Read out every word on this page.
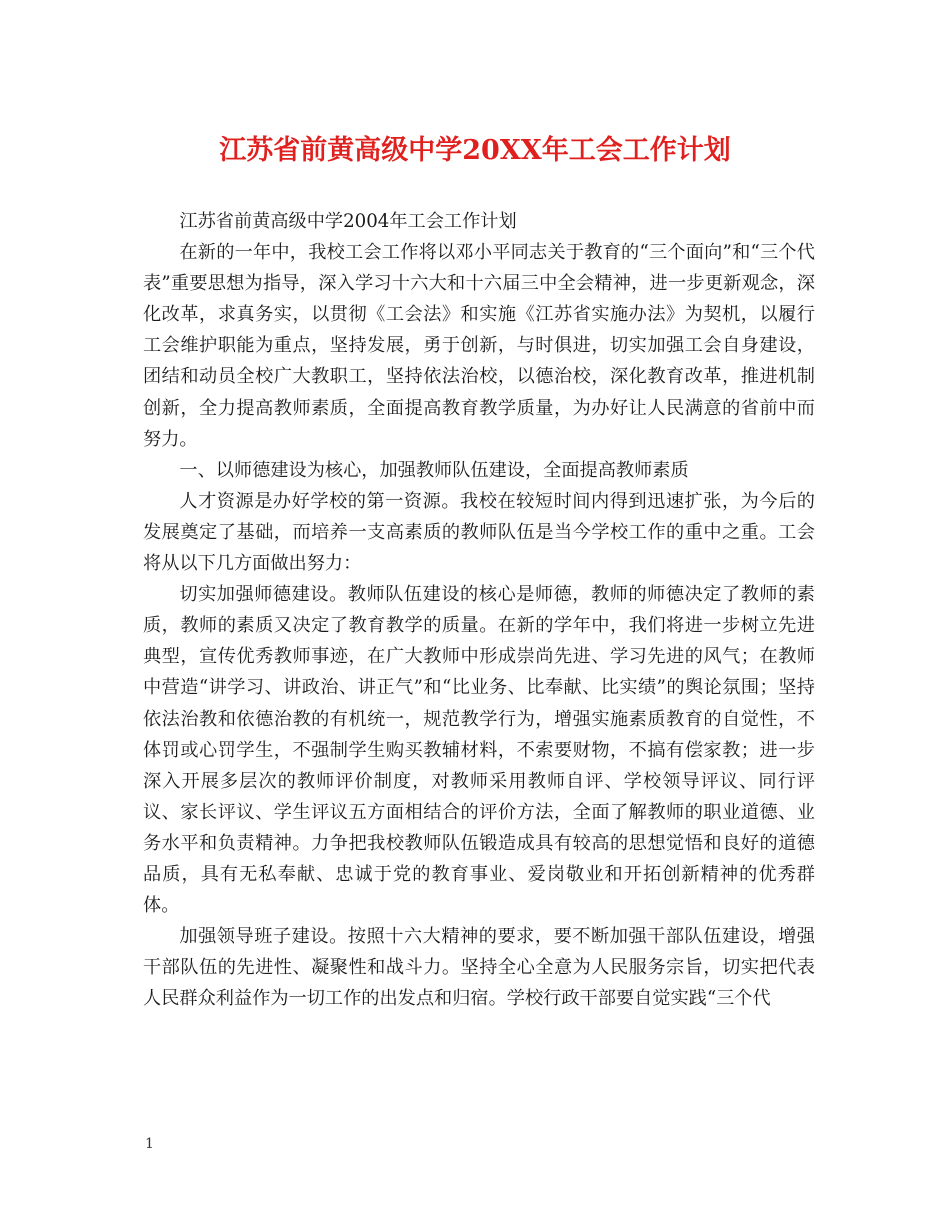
江苏省前黄高级中学20XX年工会工作计划

江苏省前黄高级中学2004年工会工作计划

在新的一年中，我校工会工作将以邓小平同志关于教育的“三个面向”和“三个代表”重要思想为指导，深入学习十六大和十六届三中全会精神，进一步更新观念，深化改革，求真务实，以贯彻《工会法》和实施《江苏省实施办法》为契机，以履行工会维护职能为重点，坚持发展，勇于创新，与时俱进，切实加强工会自身建设，团结和动员全校广大教职工，坚持依法治校，以德治校，深化教育改革，推进机制创新，全力提高教师素质，全面提高教育教学质量，为办好让人民满意的省前中而努力。

一、以师德建设为核心，加强教师队伍建设，全面提高教师素质

人才资源是办好学校的第一资源。我校在较短时间内得到迅速扩张，为今后的发展奠定了基础，而培养一支高素质的教师队伍是当今学校工作的重中之重。工会将从以下几方面做出努力：

切实加强师德建设。教师队伍建设的核心是师德，教师的师德决定了教师的素质，教师的素质又决定了教育教学的质量。在新的学年中，我们将进一步树立先进典型，宣传优秀教师事迹，在广大教师中形成崇尚先进、学习先进的风气；在教师中营造“讲学习、讲政治、讲正气”和“比业务、比奉献、比实绩”的舆论氛围；坚持依法治教和依德治教的有机统一，规范教学行为，增强实施素质教育的自觉性，不体罚或心罚学生，不强制学生购买教辅材料，不索要财物，不搞有偿家教；进一步深入开展多层次的教师评价制度，对教师采用教师自评、学校领导评议、同行评议、家长评议、学生评议五方面相结合的评价方法，全面了解教师的职业道德、业务水平和负责精神。力争把我校教师队伍锻造成具有较高的思想觉悟和良好的道德品质，具有无私奉献、忠诚于党的教育事业、爱岗敬业和开拓创新精神的优秀群体。

加强领导班子建设。按照十六大精神的要求，要不断加强干部队伍建设，增强干部队伍的先进性、凝聚性和战斗力。坚持全心全意为人民服务宗旨，切实把代表人民群众利益作为一切工作的出发点和归宿。学校行政干部要自觉实践“三个代

1
